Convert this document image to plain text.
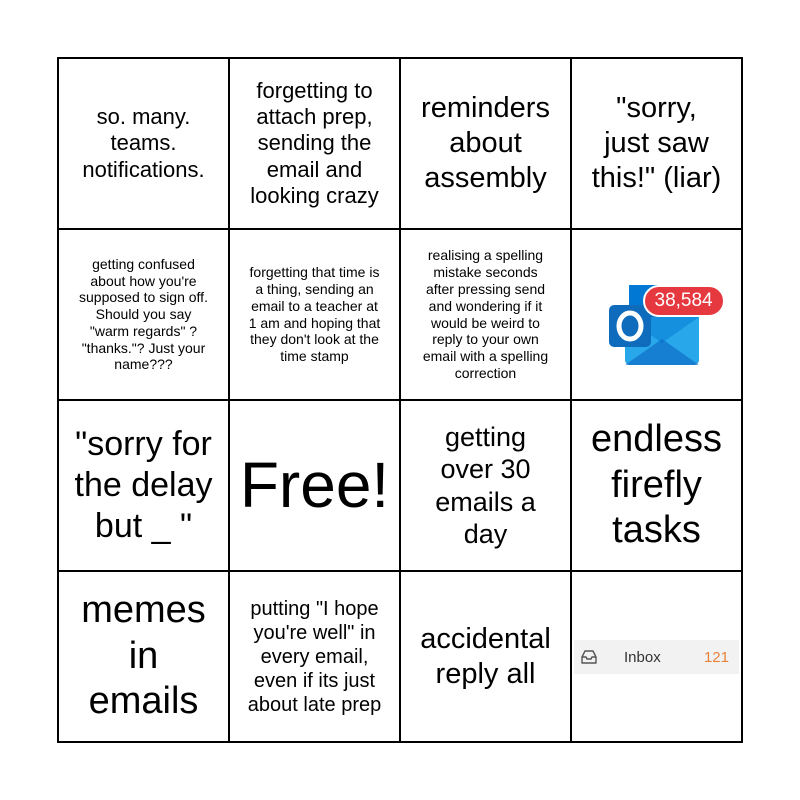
so. many.
teams.
notifications.
forgetting to
attach prep,
sending the
email and
looking crazy
reminders
about
assembly
"sorry,
just saw
this!" (liar)
getting confused
about how you're
supposed to sign off.
Should you say
"warm regards" ?
"thanks."? Just your
name???
forgetting that time is
a thing, sending an
email to a teacher at
1 am and hoping that
they don't look at the
time stamp
realising a spelling
mistake seconds
after pressing send
and wondering if it
would be weird to
reply to your own
email with a spelling
correction
38,584
"sorry for
the delay
but _ "
Free!
getting
over 30
emails a
day
endless
firefly
tasks
memes
in
emails
putting "I hope
you're well" in
every email,
even if its just
about late prep
accidental
reply all
Inbox	121
